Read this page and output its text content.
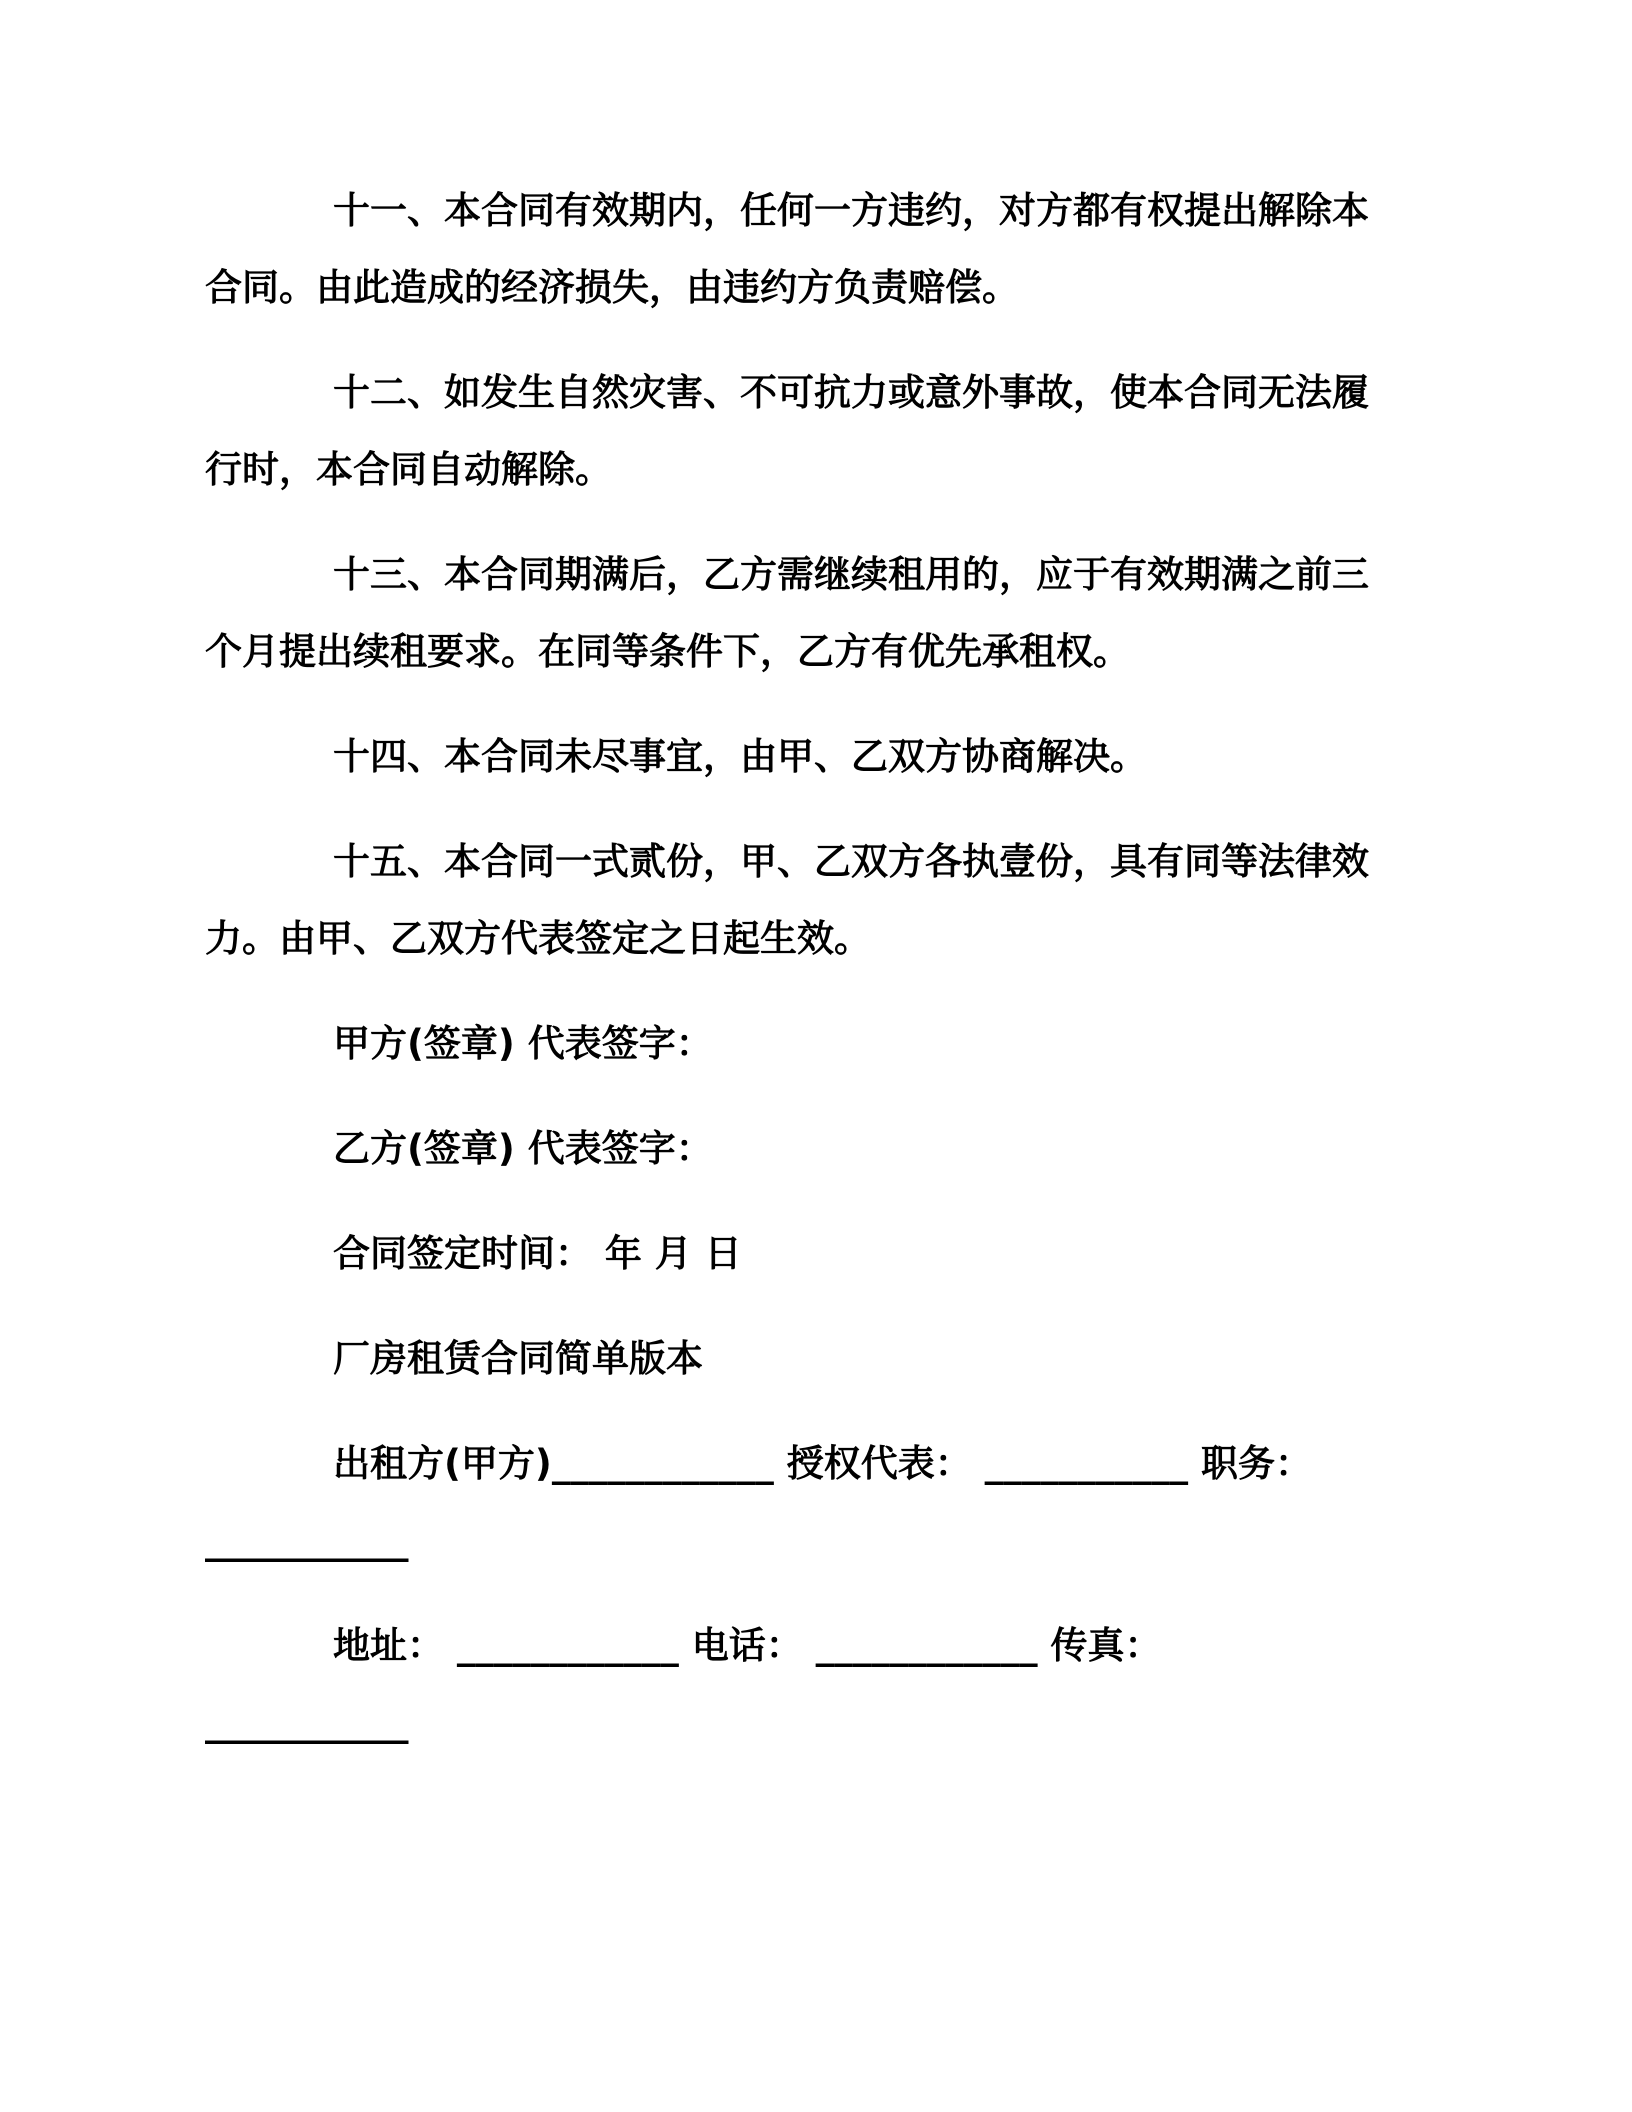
十一、本合同有效期内，任何一方违约，对方都有权提出解除本
合同。由此造成的经济损失，由违约方负责赔偿。

十二、如发生自然灾害、不可抗力或意外事故，使本合同无法履
行时，本合同自动解除。

十三、本合同期满后，乙方需继续租用的，应于有效期满之前三
个月提出续租要求。在同等条件下，乙方有优先承租权。

十四、本合同未尽事宜，由甲、乙双方协商解决。

十五、本合同一式贰份，甲、乙双方各执壹份，具有同等法律效
力。由甲、乙双方代表签定之日起生效。

甲方(签章) 代表签字：

乙方(签章) 代表签字：

合同签定时间： 年 月 日

厂房租赁合同简单版本

出租方(甲方)____________ 授权代表： ___________ 职务：
___________

地址： ____________ 电话： ____________ 传真：
___________
